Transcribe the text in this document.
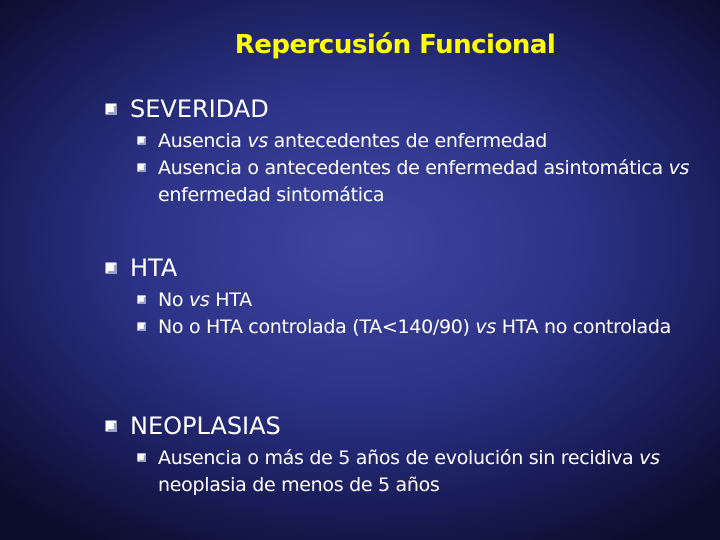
Repercusión Funcional
SEVERIDAD
Ausencia vs antecedentes de enfermedad
Ausencia o antecedentes de enfermedad asintomática vs enfermedad sintomática
HTA
No vs HTA
No o HTA controlada (TA<140/90) vs HTA no controlada
NEOPLASIAS
Ausencia o más de 5 años de evolución sin recidiva vs neoplasia de menos de 5 años
